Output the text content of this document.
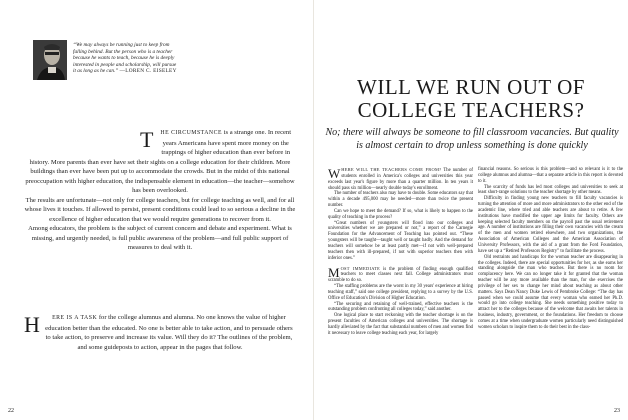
“We may always be running just to keep from falling behind. But the person who is a teacher because he wants to teach, because he is deeply interested in people and scholarship, will pursue it as long as he can.” —LOREN C. EISELEY

T HE CIRCUMSTANCE is a strange one. In recent years Americans have spent more money on the trappings of higher education than ever before in history. More parents than ever have set their sights on a college education for their children. More buildings than ever have been put up to accommodate the crowds. But in the midst of this national preoccupation with higher education, the indispensable element in education—the teacher—somehow has been overlooked.

The results are unfortunate—not only for college teachers, but for college teaching as well, and for all whose lives it touches. If allowed to persist, present conditions could lead to so serious a decline in the excellence of higher education that we would require generations to recover from it.

Among educators, the problem is the subject of current concern and debate and experiment. What is missing, and urgently needed, is full public awareness of the problem—and full public support of measures to deal with it.

H ERE IS A TASK for the college alumnus and alumna. No one knows the value of higher education better than the educated. No one is better able to take action, and to persuade others to take action, to preserve and increase its value. Will they do it? The outlines of the problem, and some guideposts to action, appear in the pages that follow.
22
WILL WE RUN OUT OF
COLLEGE TEACHERS?
No; there will always be someone to fill classroom vacancies. But quality is almost certain to drop unless something is done quickly

WHERE WILL THE TEACHERS COME FROM? The number of students enrolled in America's colleges and universities this year exceeds last year's figure by more than a quarter million. In ten years it should pass six million—nearly double today's enrollment.

The number of teachers also may have to double. Some educators say that within a decade 495,000 may be needed—more than twice the present number.

Can we hope to meet the demand? If so, what is likely to happen to the quality of teaching in the process?

“Great numbers of youngsters will flood into our colleges and universities whether we are prepared or not,” a report of the Carnegie Foundation for the Advancement of Teaching has pointed out. “These youngsters will be taught—taught well or taught badly. And the demand for teachers will somehow be at least partly met—if not with well-prepared teachers then with ill-prepared, if not with superior teachers then with inferior ones.”

MOST IMMEDIATE is the problem of finding enough qualified teachers to meet classes next fall. College administrators must scramble to do so.

“The staffing problems are the worst in my 30 years' experience at hiring teaching staff,” said one college president, replying to a survey by the U.S. Office of Education's Division of Higher Education.

“The securing and retaining of well-trained, effective teachers is the outstanding problem confronting all colleges today,” said another.

One logical place to start reckoning with the teacher shortage is on the present faculties of American colleges and universities. The shortage is hardly alleviated by the fact that substantial numbers of men and women find it necessary to leave college teaching each year, for largely

financial reasons. So serious is this problem—and so relevant is it to the college alumnus and alumna—that a separate article in this report is devoted to it.

The scarcity of funds has led most colleges and universities to seek at least short-range solutions to the teacher shortage by other means.

Difficulty in finding young new teachers to fill faculty vacancies is turning the attention of more and more administrators to the other end of the academic line, where tried and able teachers are about to retire. A few institutions have modified the upper age limits for faculty. Others are keeping selected faculty members on the payroll past the usual retirement age. A number of institutions are filling their own vacancies with the cream of the men and women retired elsewhere, and two organizations, the Association of American Colleges and the American Association of University Professors, with the aid of a grant from the Ford Foundation, have set up a “Retired Professors Registry” to facilitate the process.

Old restraints and handicaps for the woman teacher are disappearing in the colleges. Indeed, there are special opportunities for her, as she earns her standing alongside the man who teaches. But there is no room for complacency here. We can no longer take it for granted that the woman teacher will be any more available than the man, for she exercises the privilege of her sex to change her mind about teaching as about other matters. Says Dean Nancy Duke Lewis of Pembroke College: “The day has passed when we could assume that every woman who earned her Ph.D. would go into college teaching. She needs something positive today to attract her to the colleges because of the welcome that awaits her talents in business, industry, government, or the foundations. Her freedom to choose comes at a time when undergraduate women particularly need distinguished women scholars to inspire them to do their best in the class-

23
